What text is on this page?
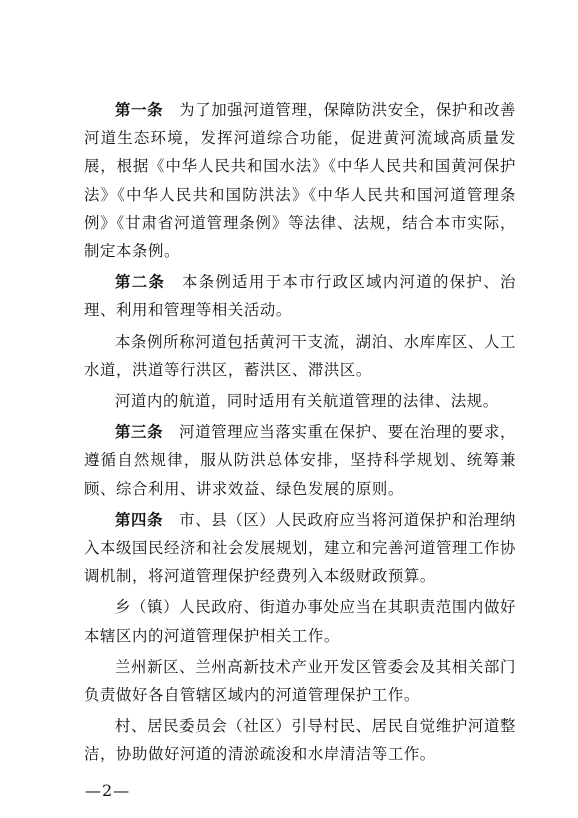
第一条 为了加强河道管理，保障防洪安全，保护和改善河道生态环境，发挥河道综合功能，促进黄河流域高质量发展，根据《中华人民共和国水法》《中华人民共和国黄河保护法》《中华人民共和国防洪法》《中华人民共和国河道管理条例》《甘肃省河道管理条例》等法律、法规，结合本市实际，制定本条例。

第二条 本条例适用于本市行政区域内河道的保护、治理、利用和管理等相关活动。

本条例所称河道包括黄河干支流，湖泊、水库库区、人工水道，洪道等行洪区，蓄洪区、滞洪区。

河道内的航道，同时适用有关航道管理的法律、法规。

第三条 河道管理应当落实重在保护、要在治理的要求，遵循自然规律，服从防洪总体安排，坚持科学规划、统筹兼顾、综合利用、讲求效益、绿色发展的原则。

第四条 市、县（区）人民政府应当将河道保护和治理纳入本级国民经济和社会发展规划，建立和完善河道管理工作协调机制，将河道管理保护经费列入本级财政预算。

乡（镇）人民政府、街道办事处应当在其职责范围内做好本辖区内的河道管理保护相关工作。

兰州新区、兰州高新技术产业开发区管委会及其相关部门负责做好各自管辖区域内的河道管理保护工作。

村、居民委员会（社区）引导村民、居民自觉维护河道整洁，协助做好河道的清淤疏浚和水岸清洁等工作。

—2—
